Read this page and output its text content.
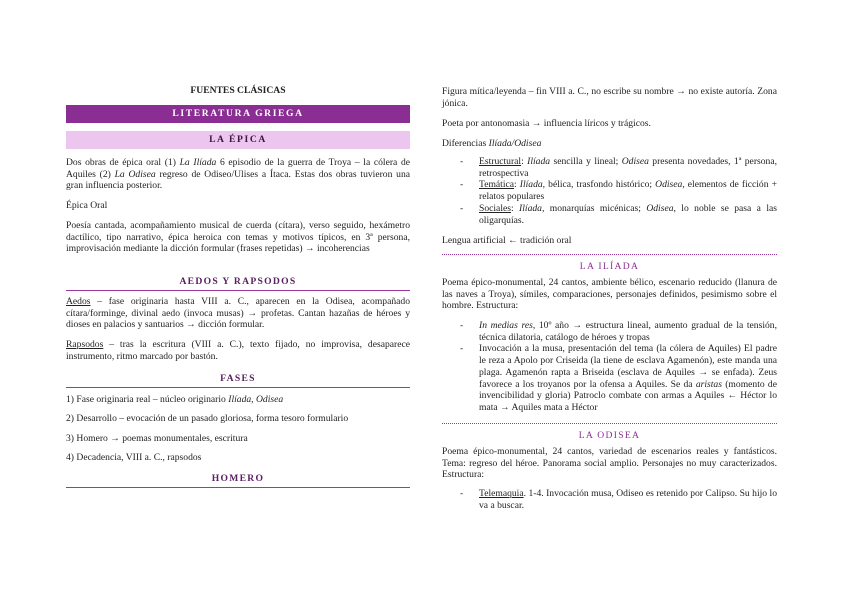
FUENTES CLÁSICAS

LITERATURA GRIEGA
LA ÉPICA

Dos obras de épica oral (1) La Ilíada 6 episodio de la guerra de Troya – la cólera de Aquiles (2) La Odisea regreso de Odiseo/Ulises a Ítaca. Estas dos obras tuvieron una gran influencia posterior.

Épica Oral

Poesía cantada, acompañamiento musical de cuerda (cítara), verso seguido, hexámetro dactílico, tipo narrativo, épica heroica con temas y motivos típicos, en 3ª persona, improvisación mediante la dicción formular (frases repetidas) → incoherencias

AEDOS Y RAPSODOS

Aedos – fase originaria hasta VIII a. C., aparecen en la Odisea, acompañado cítara/forminge, divinal aedo (invoca musas) → profetas. Cantan hazañas de héroes y dioses en palacios y santuarios → dicción formular.

Rapsodos – tras la escritura (VIII a. C.), texto fijado, no improvisa, desaparece instrumento, ritmo marcado por bastón.

FASES

1) Fase originaria real – núcleo originario Ilíada, Odisea

2) Desarrollo – evocación de un pasado gloriosa, forma tesoro formulario

3) Homero → poemas monumentales, escritura

4) Decadencia, VIII a. C., rapsodos

HOMERO

Figura mítica/leyenda – fin VIII a. C., no escribe su nombre → no existe autoría. Zona jónica.

Poeta por antonomasia → influencia líricos y trágicos.

Diferencias Ilíada/Odisea

- Estructural: Ilíada sencilla y lineal; Odisea presenta novedades, 1ª persona, retrospectiva
- Temática: Ilíada, bélica, trasfondo histórico; Odisea, elementos de ficción + relatos populares
- Sociales: Ilíada, monarquías micénicas; Odisea, lo noble se pasa a las oligarquías.

Lengua artificial ← tradición oral

LA ILÍADA

Poema épico-monumental, 24 cantos, ambiente bélico, escenario reducido (llanura de las naves a Troya), símiles, comparaciones, personajes definidos, pesimismo sobre el hombre. Estructura:

- In medias res, 10º año → estructura lineal, aumento gradual de la tensión, técnica dilatoria, catálogo de héroes y tropas
- Invocación a la musa, presentación del tema (la cólera de Aquiles) El padre le reza a Apolo por Criseida (la tiene de esclava Agamenón), este manda una plaga. Agamenón rapta a Briseida (esclava de Aquiles → se enfada). Zeus favorece a los troyanos por la ofensa a Aquiles. Se da aristas (momento de invencibilidad y gloria) Patroclo combate con armas a Aquiles ← Héctor lo mata → Aquiles mata a Héctor
LA ODISEA

Poema épico-monumental, 24 cantos, variedad de escenarios reales y fantásticos. Tema: regreso del héroe. Panorama social amplio. Personajes no muy caracterizados. Estructura:

- Telemaquia. 1-4. Invocación musa, Odiseo es retenido por Calipso. Su hijo lo va a buscar.
